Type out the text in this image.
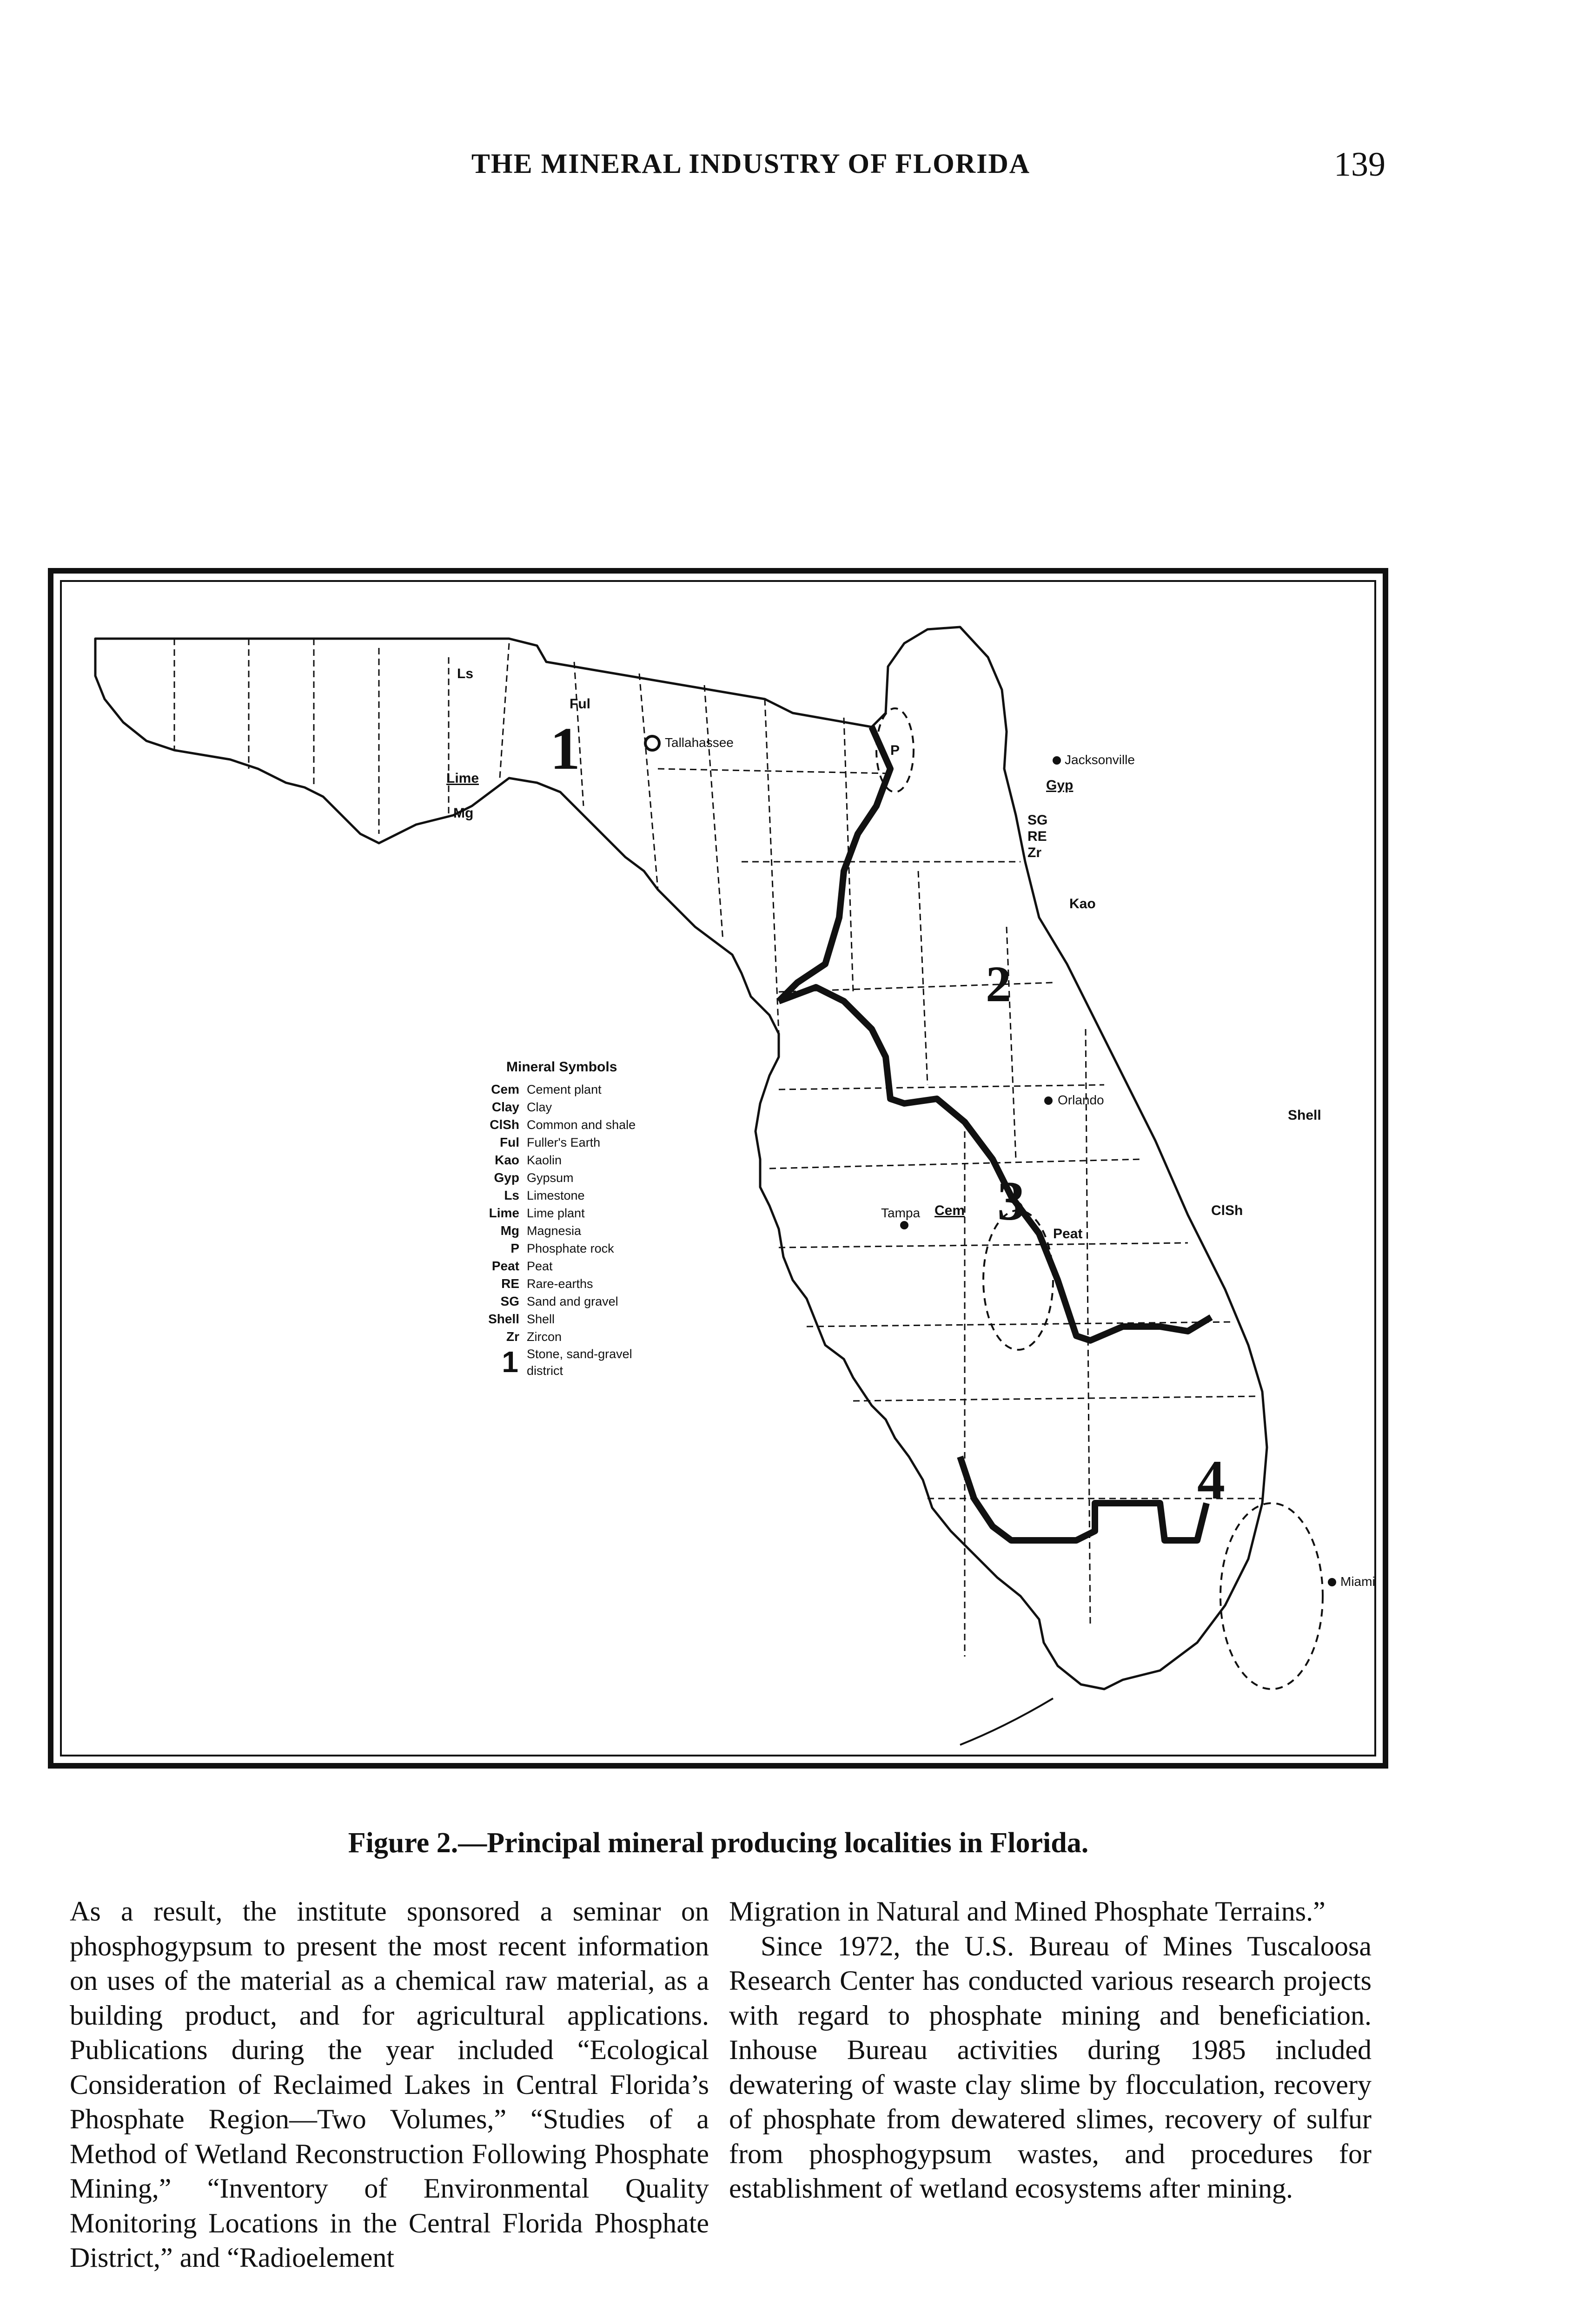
THE MINERAL INDUSTRY OF FLORIDA	139
Tallahassee
Jacksonville
Orlando
Tampa
Miami
1
2
3
4
Ls
Ful
Lime
Mg
P
Gyp
SG
RE
Zr
Kao
Cem
Peat
Shell
ClSh
Mineral Symbols
Cem Cement plant
Clay Clay
ClSh Common and shale
Ful Fuller's Earth
Kao Kaolin
Gyp Gypsum
Ls Limestone
Lime Lime plant
Mg Magnesia
P Phosphate rock
Peat Peat
RE Rare-earths
SG Sand and gravel
Shell Shell
Zr Zircon
1 Stone, sand-gravel
district
Figure 2.—Principal mineral producing localities in Florida.
As a result, the institute sponsored a seminar on phosphogypsum to present the most recent information on uses of the material as a chemical raw material, as a building product, and for agricultural applications. Publications during the year included “Ecological Consideration of Reclaimed Lakes in Central Florida’s Phosphate Region—Two Volumes,” “Studies of a Method of Wetland Reconstruction Following Phosphate Mining,” “Inventory of Environmental Quality Monitoring Locations in the Central Florida Phosphate District,” and “Radioelement
Migration in Natural and Mined Phosphate Terrains.”
Since 1972, the U.S. Bureau of Mines Tuscaloosa Research Center has conducted various research projects with regard to phosphate mining and beneficiation. Inhouse Bureau activities during 1985 included dewatering of waste clay slime by flocculation, recovery of phosphate from dewatered slimes, recovery of sulfur from phosphogypsum wastes, and procedures for establishment of wetland ecosystems after mining.
